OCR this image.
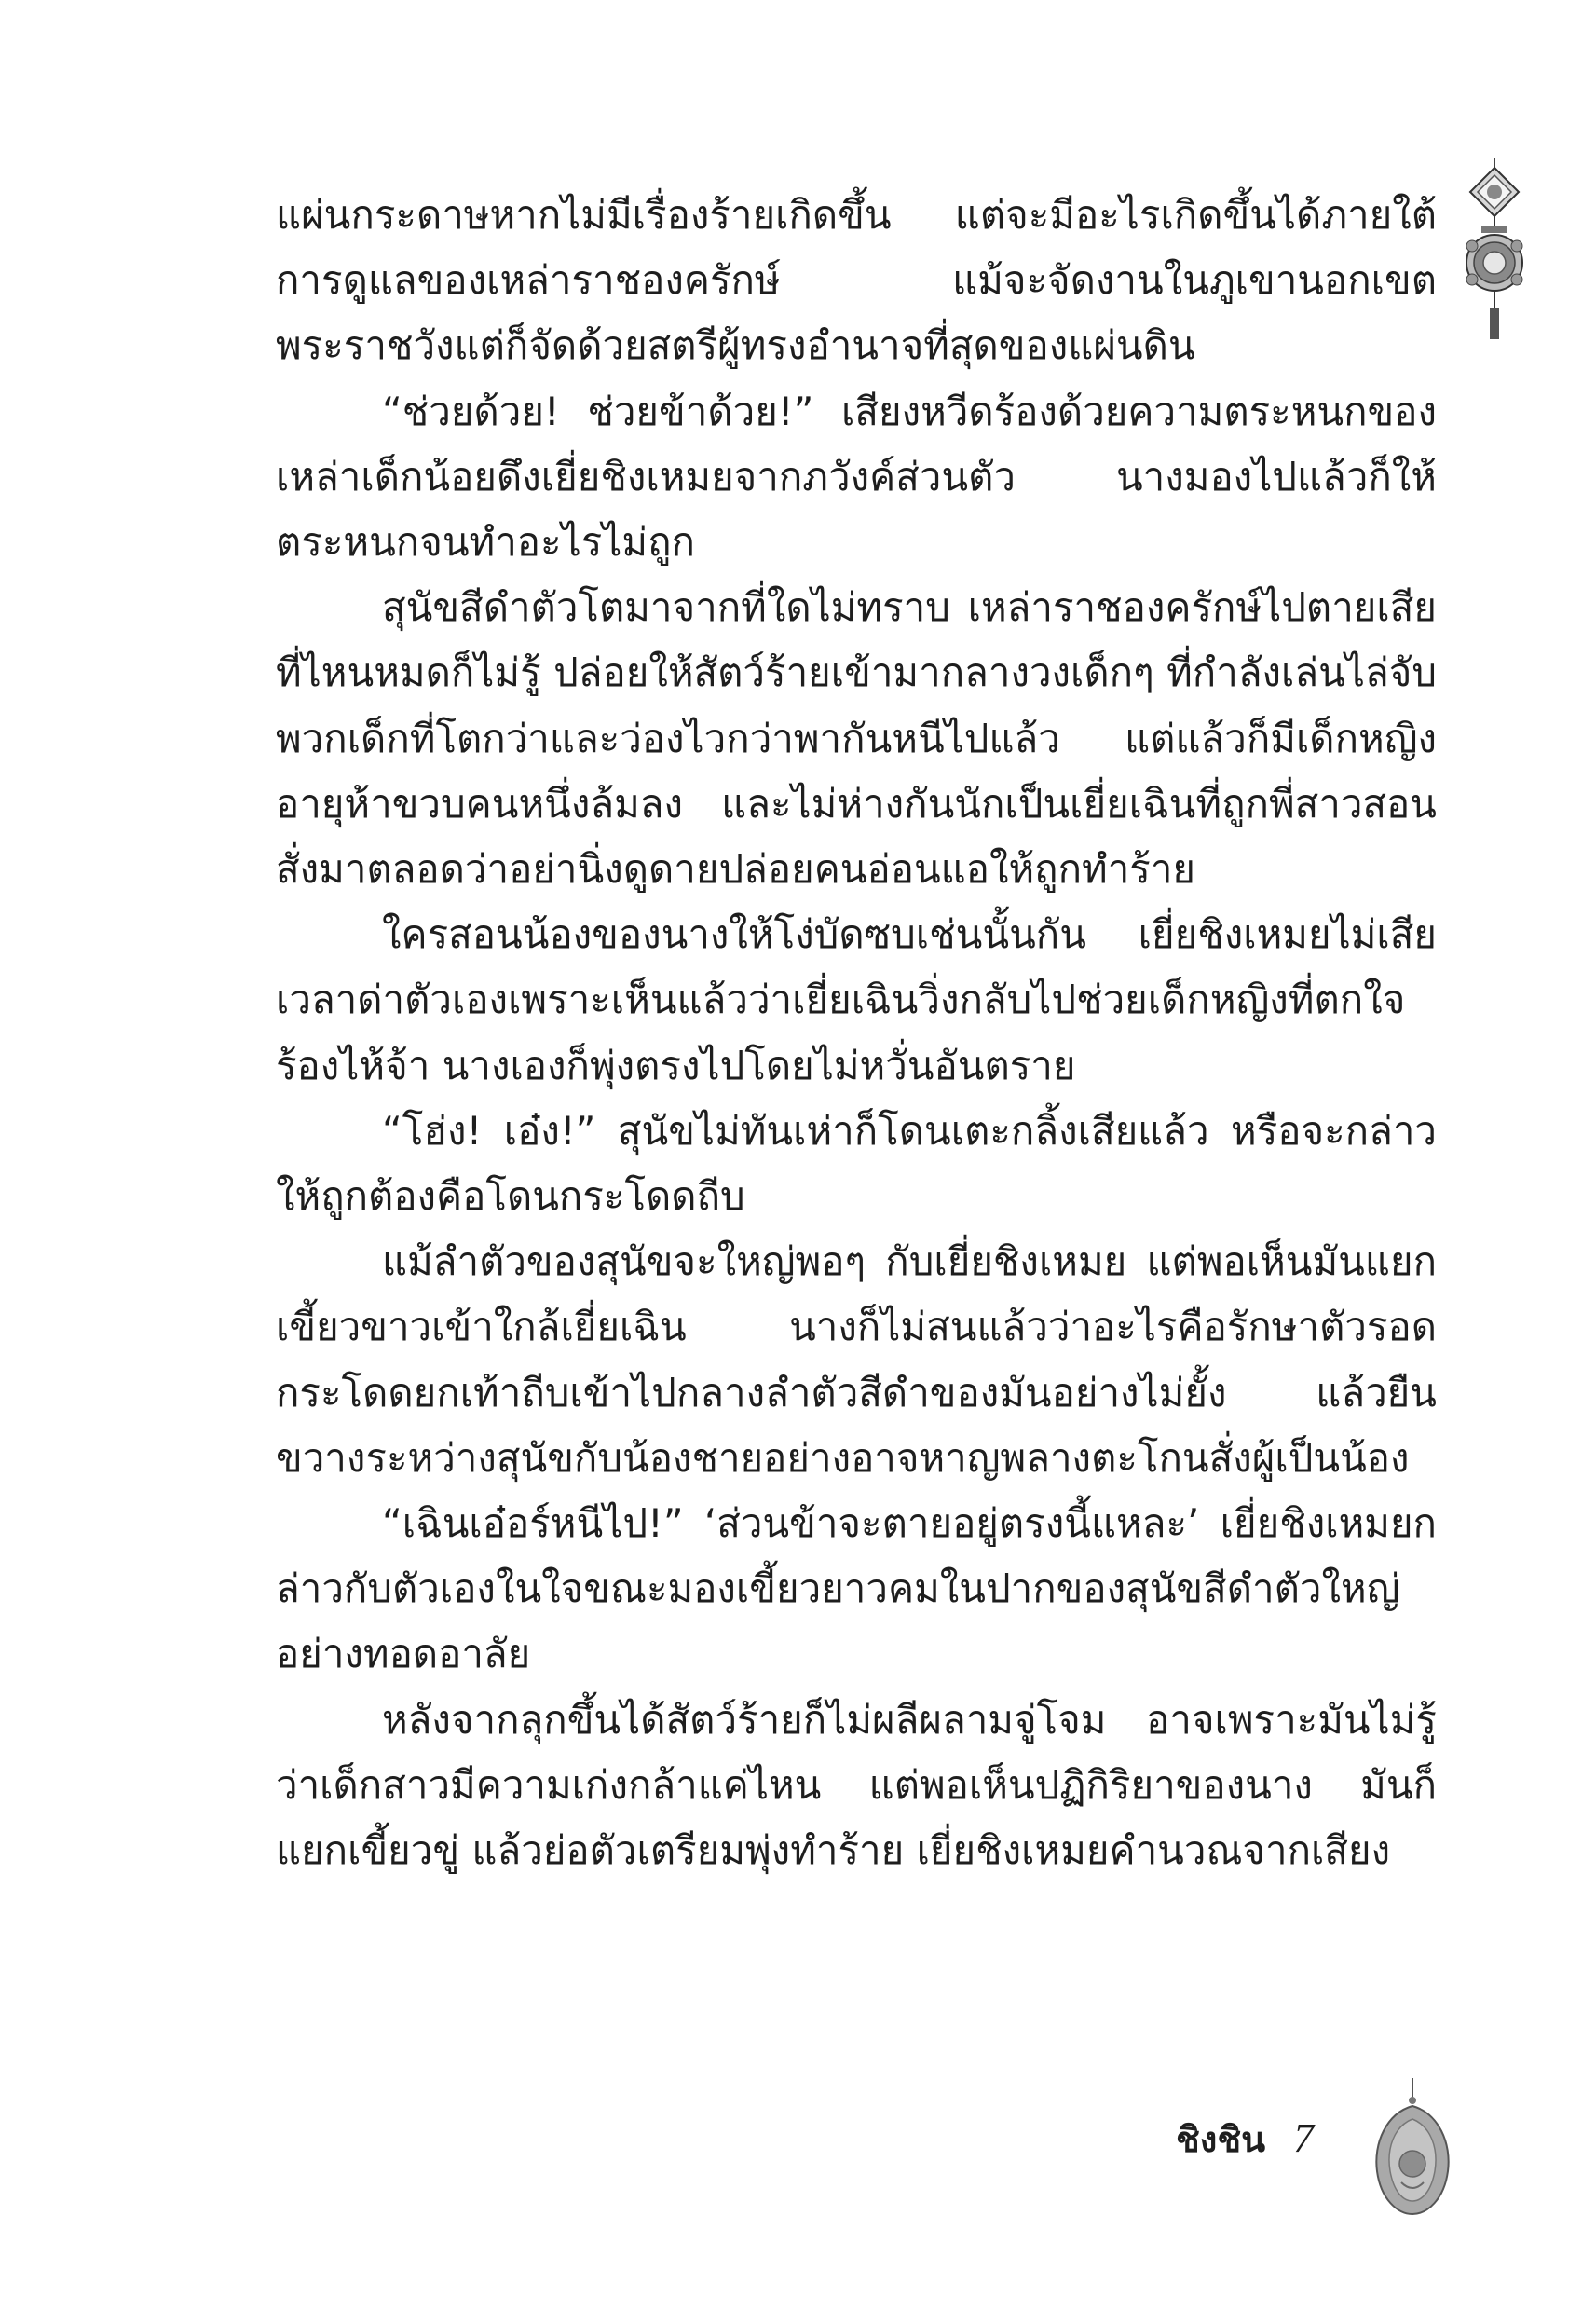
แผ่นกระดาษหากไม่มีเรื่องร้ายเกิดขึ้น แต่จะมีอะไรเกิดขึ้นได้ภายใต้การดูแลของเหล่าราชองครักษ์ แม้จะจัดงานในภูเขานอกเขตพระราชวังแต่ก็จัดด้วยสตรีผู้ทรงอำนาจที่สุดของแผ่นดิน

“ช่วยด้วย! ช่วยข้าด้วย!” เสียงหวีดร้องด้วยความตระหนกของเหล่าเด็กน้อยดึงเยี่ยชิงเหมยจากภวังค์ส่วนตัว นางมองไปแล้วก็ให้ตระหนกจนทำอะไรไม่ถูก

สุนัขสีดำตัวโตมาจากที่ใดไม่ทราบ เหล่าราชองครักษ์ไปตายเสียที่ไหนหมดก็ไม่รู้ ปล่อยให้สัตว์ร้ายเข้ามากลางวงเด็กๆ ที่กำลังเล่นไล่จับพวกเด็กที่โตกว่าและว่องไวกว่าพากันหนีไปแล้ว แต่แล้วก็มีเด็กหญิงอายุห้าขวบคนหนึ่งล้มลง และไม่ห่างกันนักเป็นเยี่ยเฉินที่ถูกพี่สาวสอนสั่งมาตลอดว่าอย่านิ่งดูดายปล่อยคนอ่อนแอให้ถูกทำร้าย

ใครสอนน้องของนางให้โง่บัดซบเช่นนั้นกัน เยี่ยชิงเหมยไม่เสียเวลาด่าตัวเองเพราะเห็นแล้วว่าเยี่ยเฉินวิ่งกลับไปช่วยเด็กหญิงที่ตกใจร้องไห้จ้า นางเองก็พุ่งตรงไปโดยไม่หวั่นอันตราย

“โฮ่ง! เอ๋ง!” สุนัขไม่ทันเห่าก็โดนเตะกลิ้งเสียแล้ว หรือจะกล่าวให้ถูกต้องคือโดนกระโดดถีบ

แม้ลำตัวของสุนัขจะใหญ่พอๆ กับเยี่ยชิงเหมย แต่พอเห็นมันแยกเขี้ยวขาวเข้าใกล้เยี่ยเฉิน นางก็ไม่สนแล้วว่าอะไรคือรักษาตัวรอดกระโดดยกเท้าถีบเข้าไปกลางลำตัวสีดำของมันอย่างไม่ยั้ง แล้วยืนขวางระหว่างสุนัขกับน้องชายอย่างอาจหาญพลางตะโกนสั่งผู้เป็นน้อง

“เฉินเอ๋อร์หนีไป!” ‘ส่วนข้าจะตายอยู่ตรงนี้แหละ’ เยี่ยชิงเหมยกล่าวกับตัวเองในใจขณะมองเขี้ยวยาวคมในปากของสุนัขสีดำตัวใหญ่อย่างทอดอาลัย

หลังจากลุกขึ้นได้สัตว์ร้ายก็ไม่ผลีผลามจู่โจม อาจเพราะมันไม่รู้ว่าเด็กสาวมีความเก่งกล้าแค่ไหน แต่พอเห็นปฏิกิริยาของนาง มันก็แยกเขี้ยวขู่ แล้วย่อตัวเตรียมพุ่งทำร้าย เยี่ยชิงเหมยคำนวณจากเสียง

ชิงชิน 7
